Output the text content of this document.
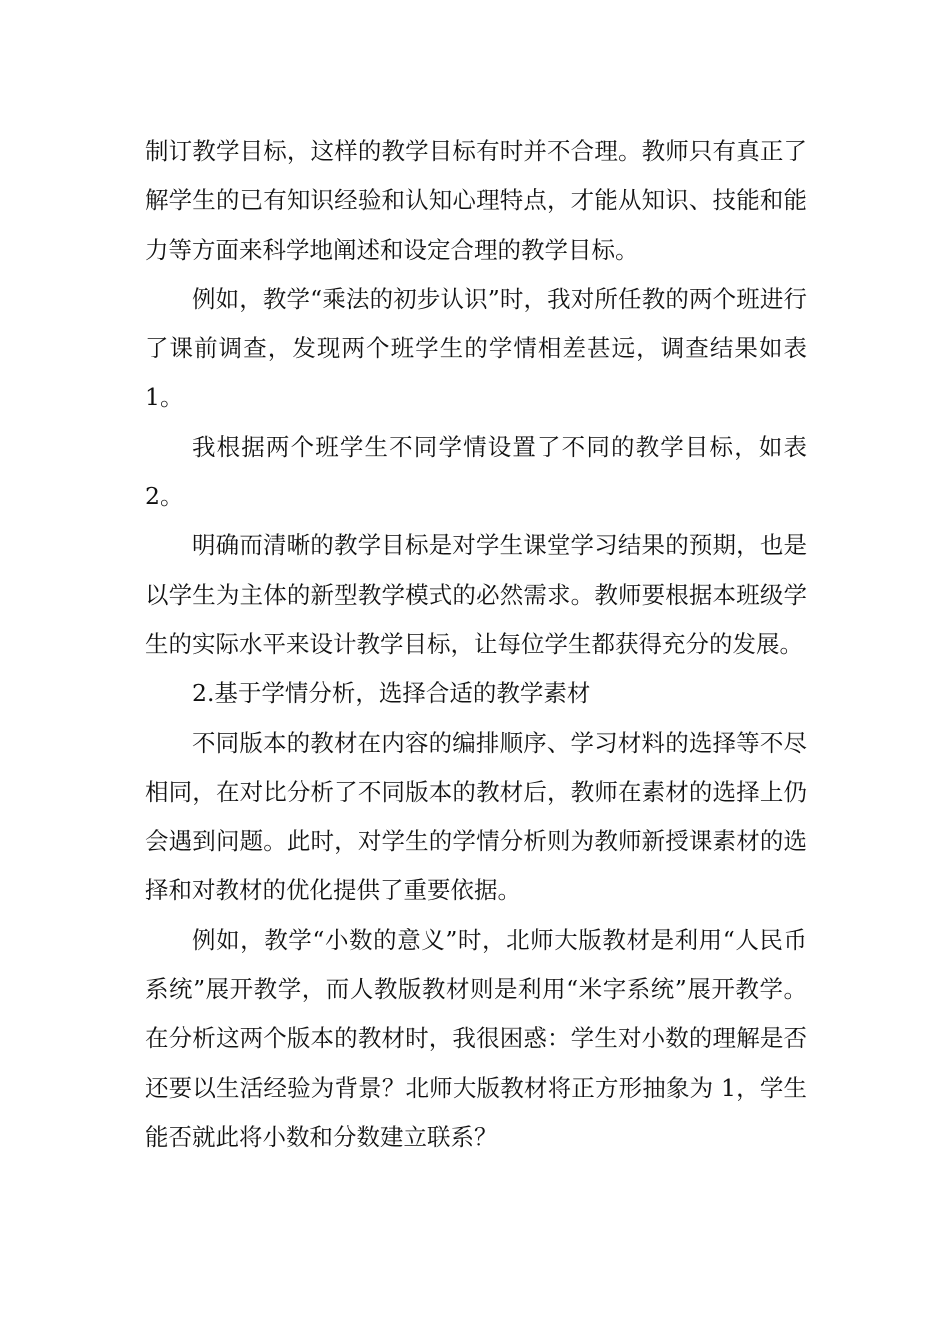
制订教学目标，这样的教学目标有时并不合理。教师只有真正了解学生的已有知识经验和认知心理特点，才能从知识、技能和能力等方面来科学地阐述和设定合理的教学目标。

例如，教学“乘法的初步认识”时，我对所任教的两个班进行了课前调查，发现两个班学生的学情相差甚远，调查结果如表 1。

我根据两个班学生不同学情设置了不同的教学目标，如表 2。

明确而清晰的教学目标是对学生课堂学习结果的预期，也是以学生为主体的新型教学模式的必然需求。教师要根据本班级学生的实际水平来设计教学目标，让每位学生都获得充分的发展。

2.基于学情分析，选择合适的教学素材

不同版本的教材在内容的编排顺序、学习材料的选择等不尽相同，在对比分析了不同版本的教材后，教师在素材的选择上仍会遇到问题。此时，对学生的学情分析则为教师新授课素材的选择和对教材的优化提供了重要依据。

例如，教学“小数的意义”时，北师大版教材是利用“人民币系统”展开教学，而人教版教材则是利用“米字系统”展开教学。在分析这两个版本的教材时，我很困惑：学生对小数的理解是否还要以生活经验为背景？北师大版教材将正方形抽象为 1，学生能否就此将小数和分数建立联系？
